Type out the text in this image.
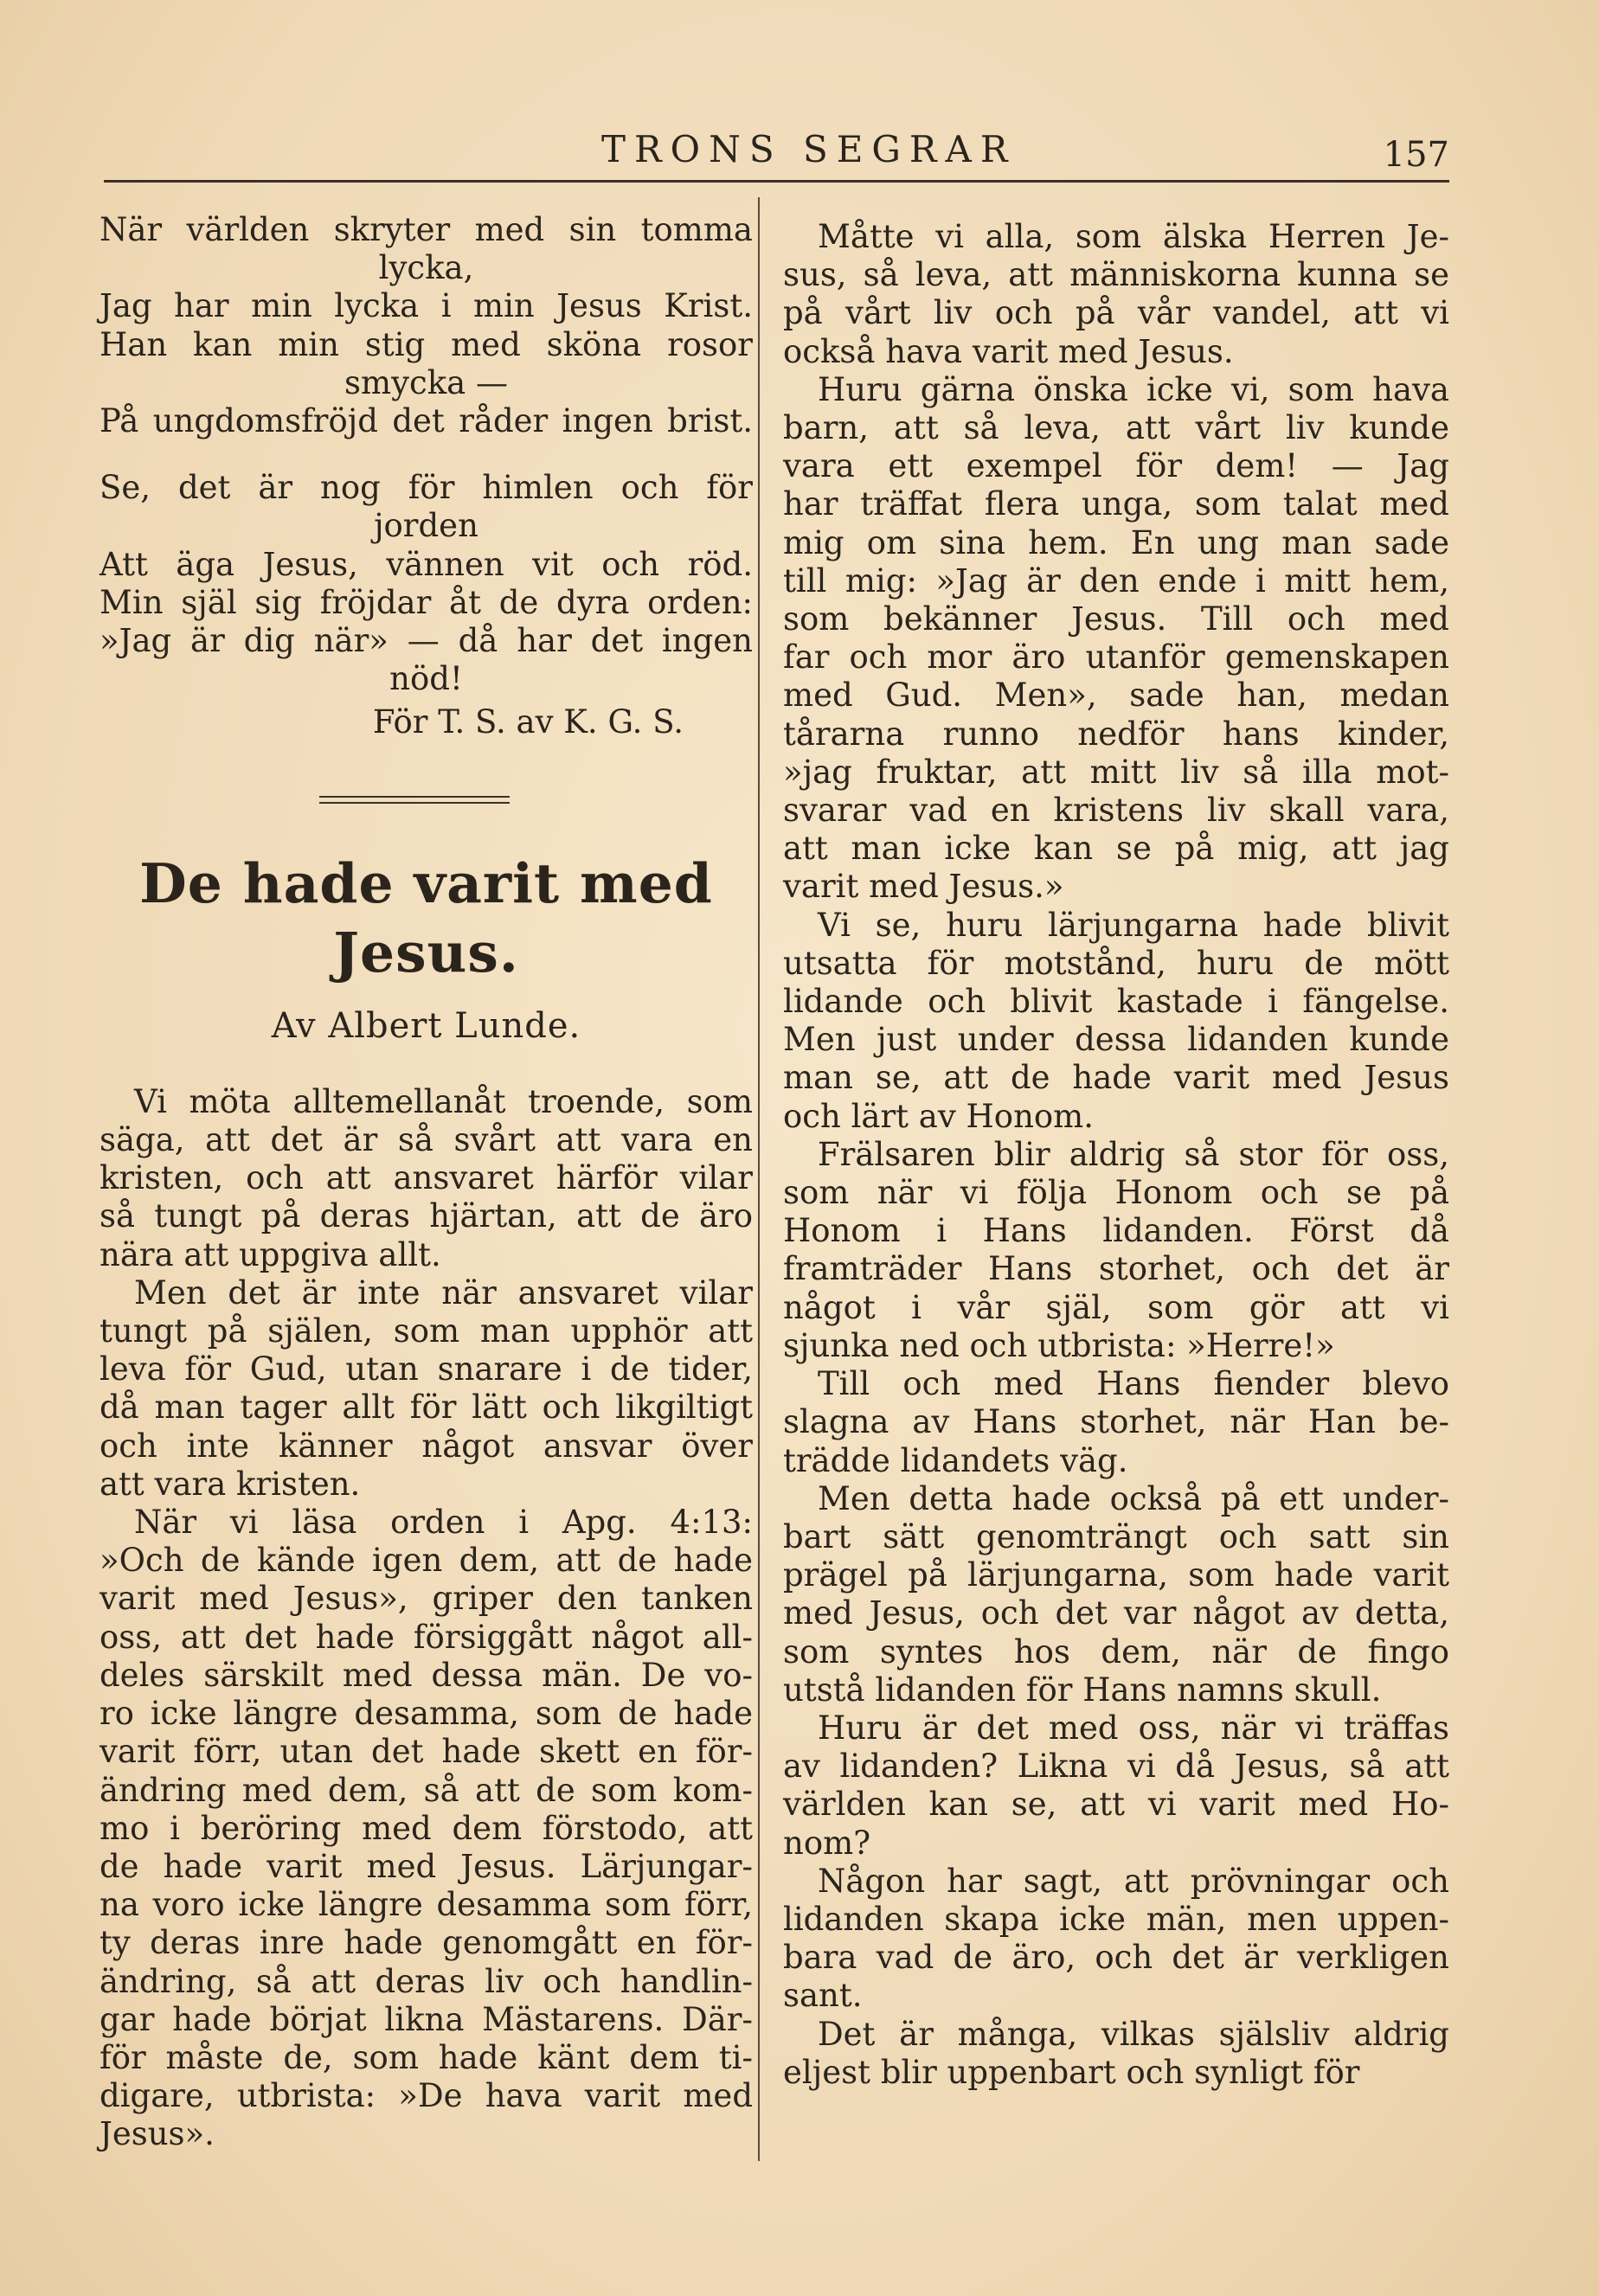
TRONS SEGRAR	157
När världen skryter med sin tomma
lycka,
Jag har min lycka i min Jesus Krist.
Han kan min stig med sköna rosor
smycka —
På ungdomsfröjd det råder ingen brist.
Se, det är nog för himlen och för
jorden
Att äga Jesus, vännen vit och röd.
Min själ sig fröjdar åt de dyra orden:
»Jag är dig när» — då har det ingen
nöd!
För T. S. av K. G. S.
De hade varit med Jesus.
Av Albert Lunde.
Vi möta alltemellanåt troende, som
säga, att det är så svårt att vara en
kristen, och att ansvaret härför vilar
så tungt på deras hjärtan, att de äro
nära att uppgiva allt.
Men det är inte när ansvaret vilar
tungt på själen, som man upphör att
leva för Gud, utan snarare i de tider,
då man tager allt för lätt och likgiltigt
och inte känner något ansvar över
att vara kristen.
När vi läsa orden i Apg. 4:13:
»Och de kände igen dem, att de hade
varit med Jesus», griper den tanken
oss, att det hade försiggått något all-
deles särskilt med dessa män. De vo-
ro icke längre desamma, som de hade
varit förr, utan det hade skett en för-
ändring med dem, så att de som kom-
mo i beröring med dem förstodo, att
de hade varit med Jesus. Lärjungar-
na voro icke längre desamma som förr,
ty deras inre hade genomgått en för-
ändring, så att deras liv och handlin-
gar hade börjat likna Mästarens. Där-
för måste de, som hade känt dem ti-
digare, utbrista: »De hava varit med
Jesus».
Måtte vi alla, som älska Herren Je-
sus, så leva, att människorna kunna se
på vårt liv och på vår vandel, att vi
också hava varit med Jesus.
Huru gärna önska icke vi, som hava
barn, att så leva, att vårt liv kunde
vara ett exempel för dem! — Jag
har träffat flera unga, som talat med
mig om sina hem. En ung man sade
till mig: »Jag är den ende i mitt hem,
som bekänner Jesus. Till och med
far och mor äro utanför gemenskapen
med Gud. Men», sade han, medan
tårarna runno nedför hans kinder,
»jag fruktar, att mitt liv så illa mot-
svarar vad en kristens liv skall vara,
att man icke kan se på mig, att jag
varit med Jesus.»
Vi se, huru lärjungarna hade blivit
utsatta för motstånd, huru de mött
lidande och blivit kastade i fängelse.
Men just under dessa lidanden kunde
man se, att de hade varit med Jesus
och lärt av Honom.
Frälsaren blir aldrig så stor för oss,
som när vi följa Honom och se på
Honom i Hans lidanden. Först då
framträder Hans storhet, och det är
något i vår själ, som gör att vi
sjunka ned och utbrista: »Herre!»
Till och med Hans fiender blevo
slagna av Hans storhet, när Han be-
trädde lidandets väg.
Men detta hade också på ett under-
bart sätt genomträngt och satt sin
prägel på lärjungarna, som hade varit
med Jesus, och det var något av detta,
som syntes hos dem, när de fingo
utstå lidanden för Hans namns skull.
Huru är det med oss, när vi träffas
av lidanden? Likna vi då Jesus, så att
världen kan se, att vi varit med Ho-
nom?
Någon har sagt, att prövningar och
lidanden skapa icke män, men uppen-
bara vad de äro, och det är verkligen
sant.
Det är många, vilkas själsliv aldrig
eljest blir uppenbart och synligt för
